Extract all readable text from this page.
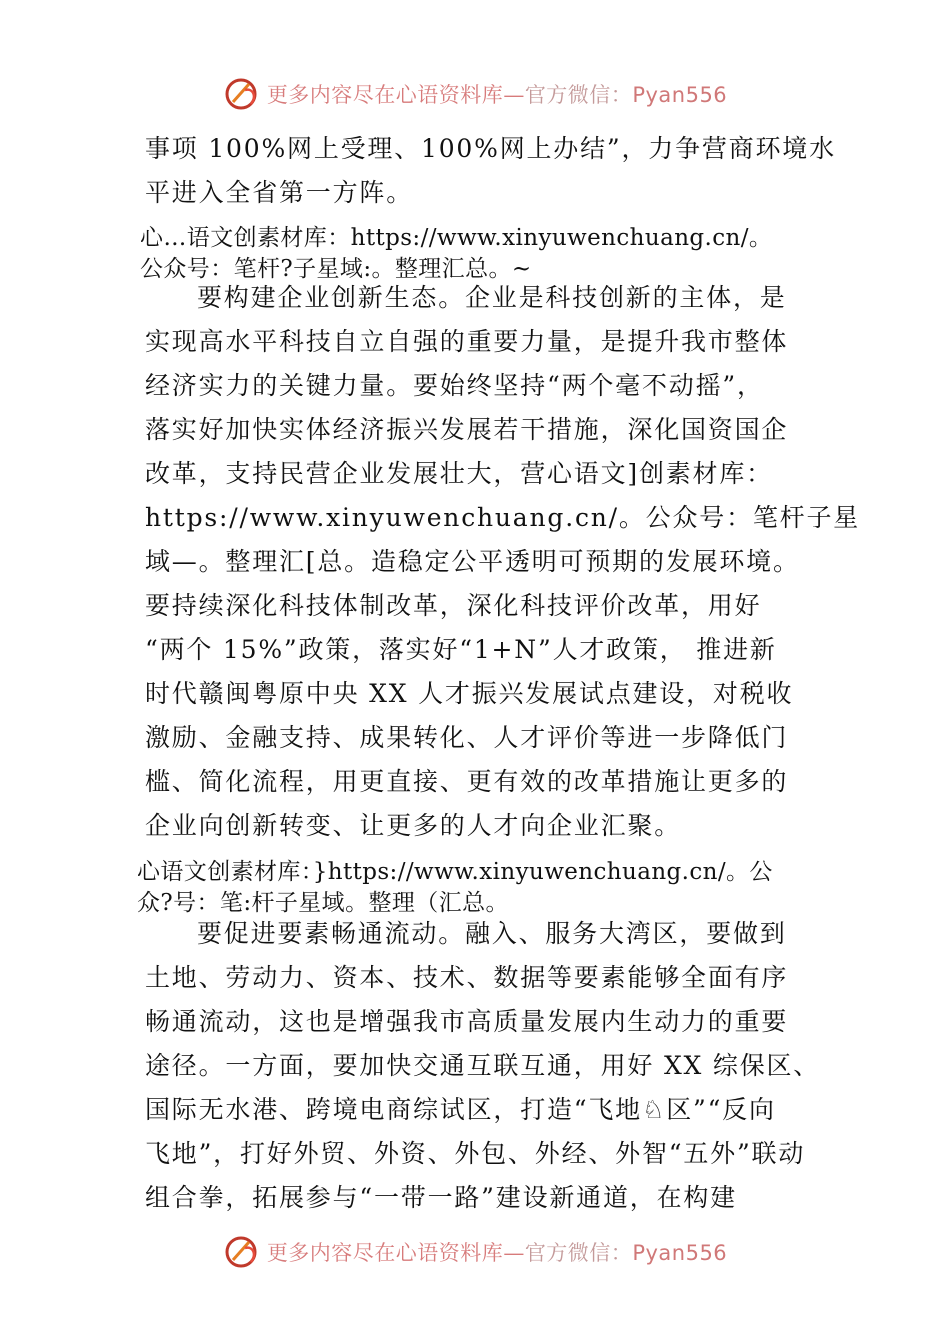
更多内容尽在心语资料库—官方微信：Pyan556
事项 100%网上受理、100%网上办结”，力争营商环境水
平进入全省第一方阵。
心…语文创素材库：https://www.xinyuwenchuang.cn/。
公众号：笔杆?子星域:。整理汇总。~
要构建企业创新生态。企业是科技创新的主体，是
实现高水平科技自立自强的重要力量，是提升我市整体
经济实力的关键力量。要始终坚持“两个毫不动摇”，
落实好加快实体经济振兴发展若干措施，深化国资国企
改革，支持民营企业发展壮大，营心语文]创素材库：
https://www.xinyuwenchuang.cn/。公众号：笔杆子星
域—。整理汇[总。造稳定公平透明可预期的发展环境。
要持续深化科技体制改革，深化科技评价改革，用好
“两个 15%”政策，落实好“1+N”人才政策， 推进新
时代赣闽粤原中央 XX 人才振兴发展试点建设，对税收
激励、金融支持、成果转化、人才评价等进一步降低门
槛、简化流程，用更直接、更有效的改革措施让更多的
企业向创新转变、让更多的人才向企业汇聚。
心语文创素材库：}https://www.xinyuwenchuang.cn/。公
众?号：笔:杆子星域。整理（汇总。
要促进要素畅通流动。融入、服务大湾区，要做到
土地、劳动力、资本、技术、数据等要素能够全面有序
畅通流动，这也是增强我市高质量发展内生动力的重要
途径。一方面，要加快交通互联互通，用好 XX 综保区、
国际无水港、跨境电商综试区，打造“飞地♘区”“反向
飞地”，打好外贸、外资、外包、外经、外智“五外”联动
组合拳，拓展参与“一带一路”建设新通道，在构建
更多内容尽在心语资料库—官方微信：Pyan556
